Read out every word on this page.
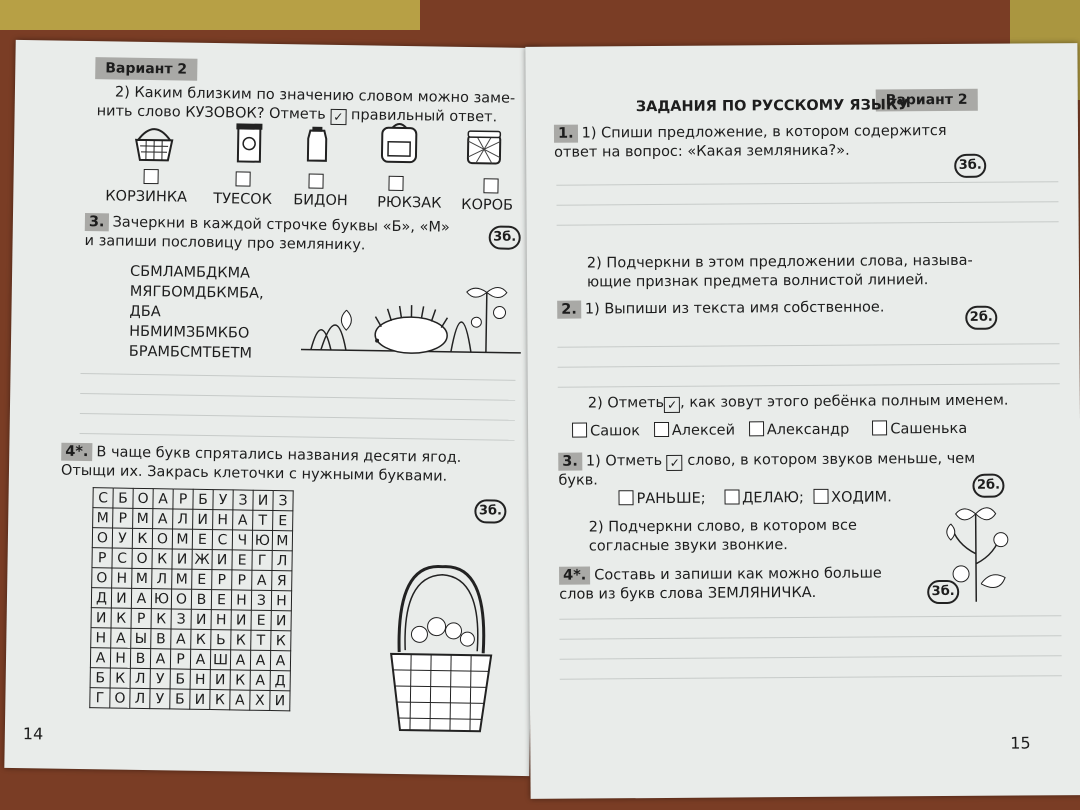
Вариант 2
2) Каким близким по значению словом можно заме-
нить слово КУЗОВОК? Отметь ✓ правильный ответ.
КОРЗИНКА ТУЕСОК БИДОН РЮКЗАК КОРОБ
3. Зачеркни в каждой строчке буквы «Б», «М»
и запиши пословицу про землянику.	3б.
СБМЛАМБДКМА
МЯГБОМДБКМБА,
ДБА
НБМИМЗБМКБО
БРАМБСМТБЕТМ
4*. В чаще букв спрятались названия десяти ягод.
Отыщи их. Закрась клеточки с нужными буквами.
3б.
С	Б	О	А	Р	Б	У	З	И	З
М	Р	М	А	Л	И	Н	А	Т	Е
О	У	К	О	М	Е	С	Ч	Ю	М
Р	С	О	К	И	Ж	И	Е	Г	Л
О	Н	М	Л	М	Е	Р	Р	А	Я
Д	И	А	Ю	О	В	Е	Н	З	Н
И	К	Р	К	З	И	Н	И	Е	И
Н	А	Ы	В	А	К	Ь	К	Т	К
А	Н	В	А	Р	А	Ш	А	А	А
Б	К	Л	У	Б	Н	И	К	А	Д
Г	О	Л	У	Б	И	К	А	Х	И
14
Вариант 2
ЗАДАНИЯ ПО РУССКОМУ ЯЗЫКУ
1. 1) Спиши предложение, в котором содержится
ответ на вопрос: «Какая земляника?».
3б.
2) Подчеркни в этом предложении слова, называ-
ющие признак предмета волнистой линией.
2. 1) Выпиши из текста имя собственное.	2б.
2) Отметь ✓ , как зовут этого ребёнка полным именем.
Сашок Алексей Александр	Сашенька
3. 1) Отметь ✓ слово, в котором звуков меньше, чем
букв.	2б.
РАНЬШЕ;	ДЕЛАЮ; ХОДИМ.
2) Подчеркни слово, в котором все
согласные звуки звонкие.
4*. Составь и запиши как можно больше
слов из букв слова ЗЕМЛЯНИЧКА.	3б.
15
